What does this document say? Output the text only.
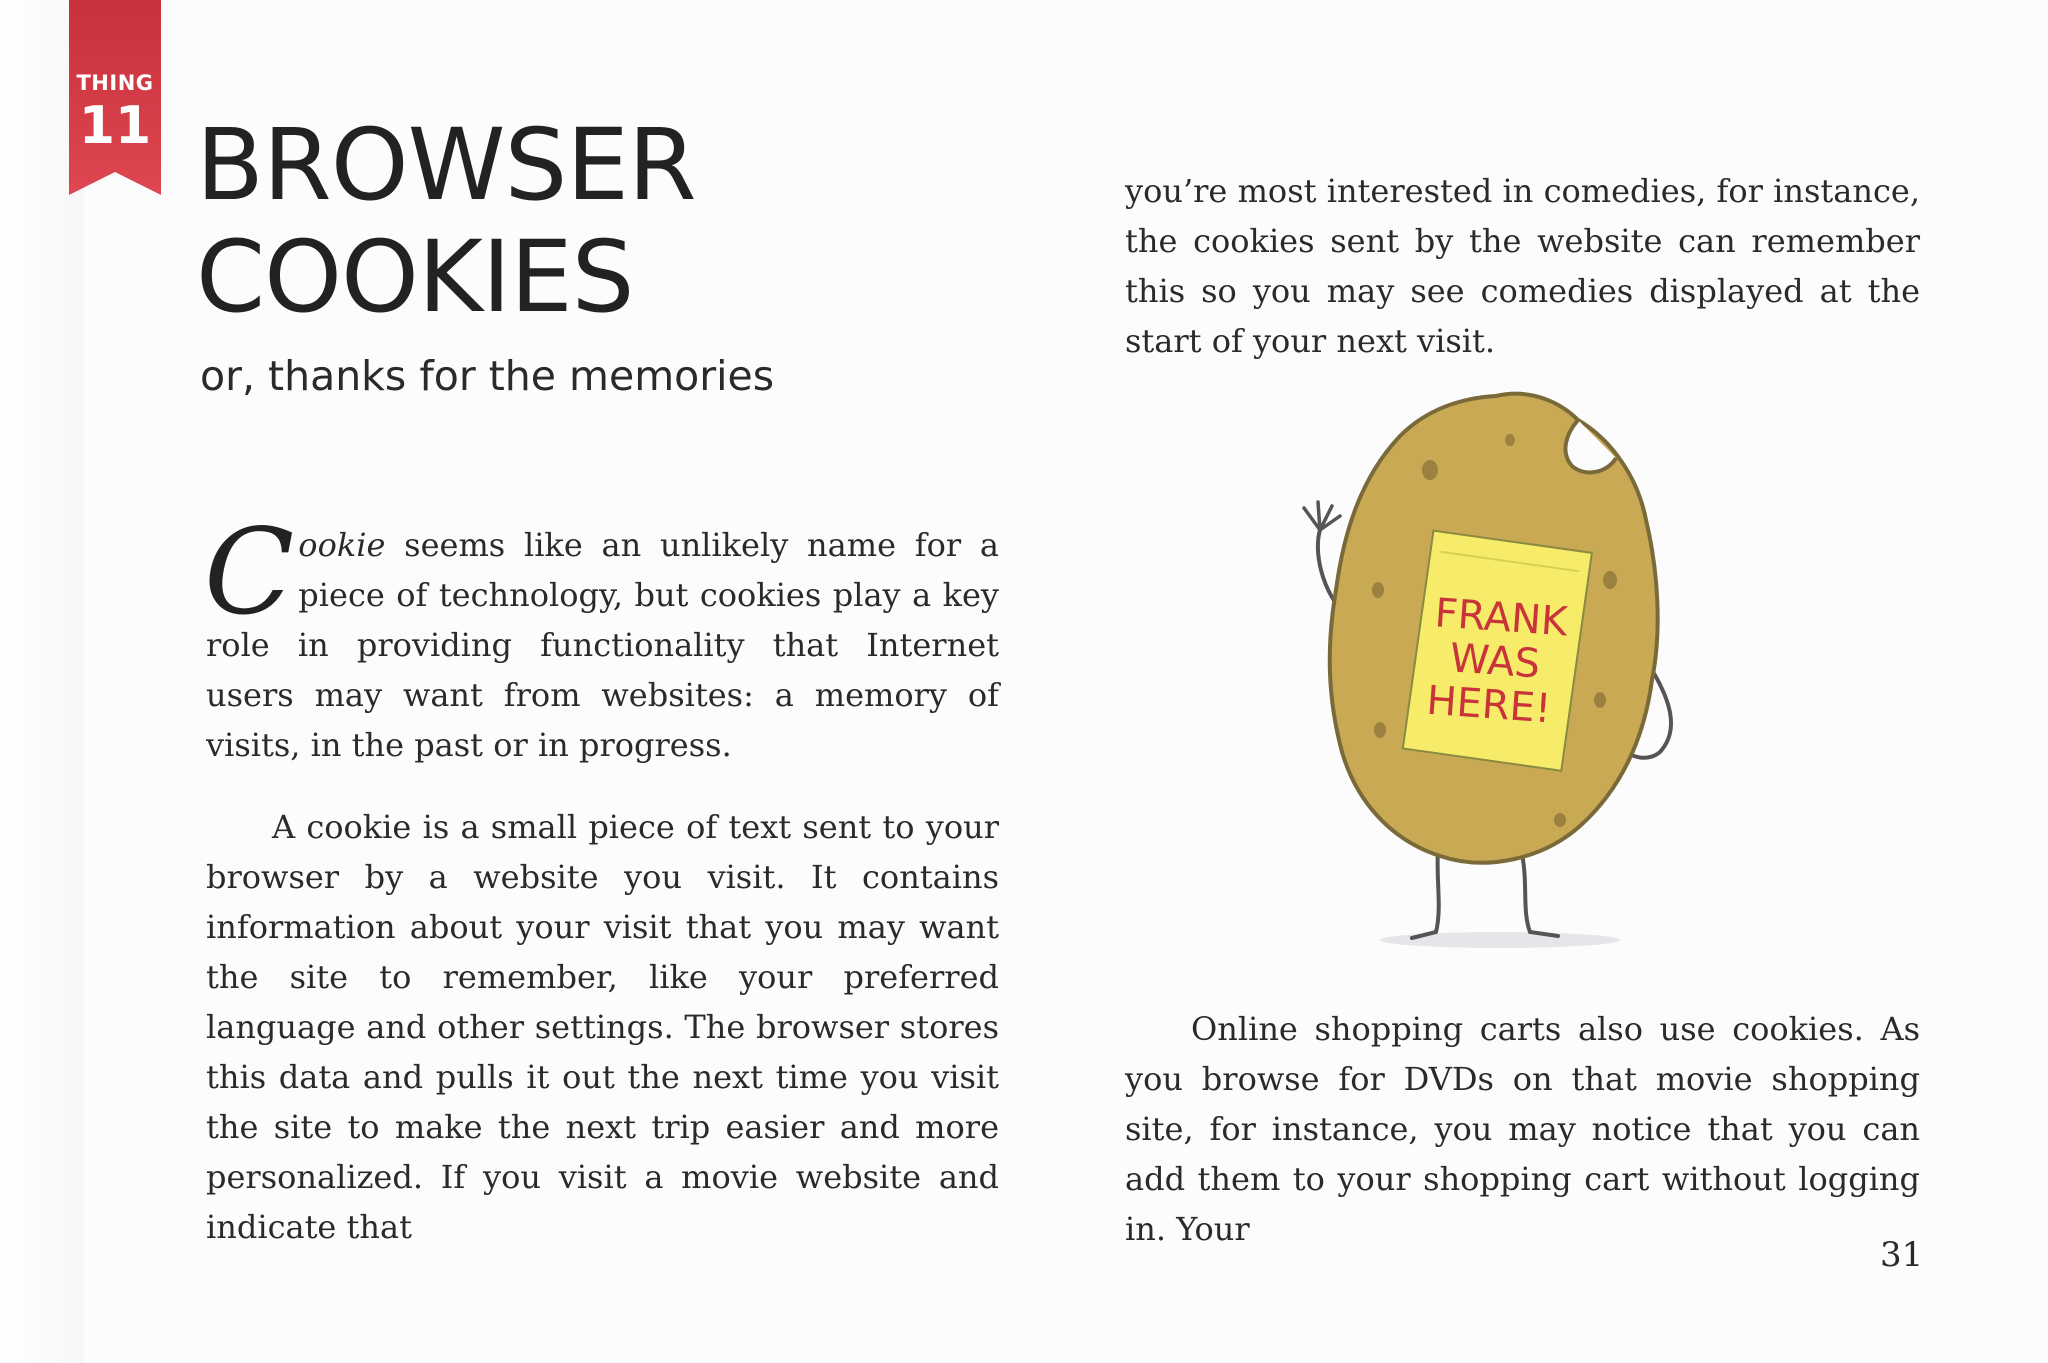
THING
11 BROWSER
COOKIES
or, thanks for the memories

Cookie seems like an unlikely name for a piece of technology, but cookies play a key role in providing functionality that Internet users may want from websites: a memory of visits, in the past or in progress.

A cookie is a small piece of text sent to your browser by a website you visit. It contains information about your visit that you may want the site to remember, like your preferred language and other settings. The browser stores this data and pulls it out the next time you visit the site to make the next trip easier and more personalized. If you visit a movie website and indicate that

you’re most interested in comedies, for instance, the cookies sent by the website can remember this so you may see comedies displayed at the start of your next visit.

Online shopping carts also use cookies. As you browse for DVDs on that movie shopping site, for instance, you may notice that you can add them to your shopping cart without logging in. Your

FRANK
WAS
HERE!
31
